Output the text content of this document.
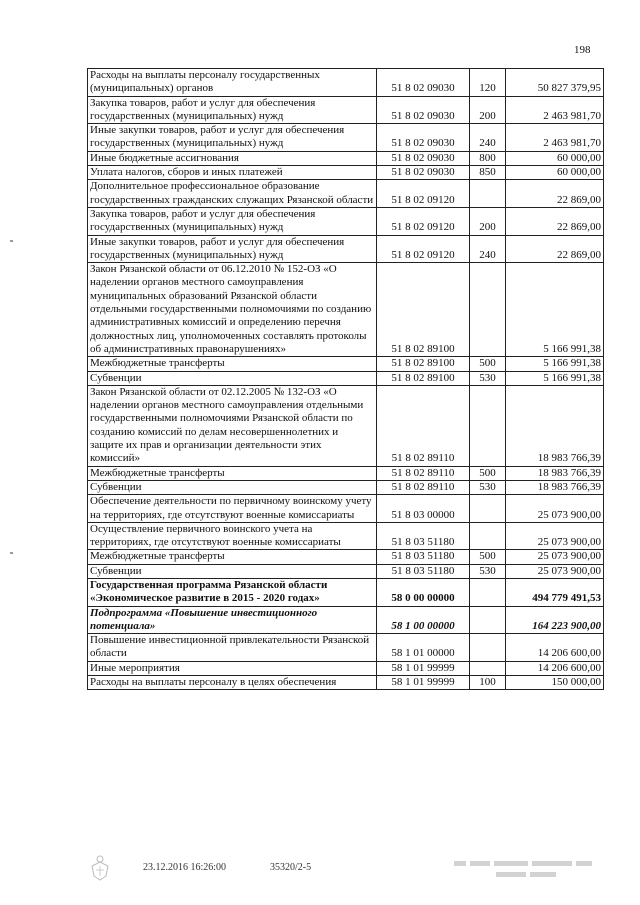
198
Расходы на выплаты персоналу государственных (муниципальных) органов	51 8 02 09030	120	50 827 379,95
Закупка товаров, работ и услуг для обеспечения государственных (муниципальных) нужд	51 8 02 09030	200	2 463 981,70
Иные закупки товаров, работ и услуг для обеспечения государственных (муниципальных) нужд	51 8 02 09030	240	2 463 981,70
Иные бюджетные ассигнования	51 8 02 09030	800	60 000,00
Уплата налогов, сборов и иных платежей	51 8 02 09030	850	60 000,00
Дополнительное профессиональное образование государственных гражданских служащих Рязанской области	51 8 02 09120		22 869,00
Закупка товаров, работ и услуг для обеспечения государственных (муниципальных) нужд	51 8 02 09120	200	22 869,00
Иные закупки товаров, работ и услуг для обеспечения государственных (муниципальных) нужд	51 8 02 09120	240	22 869,00
Закон Рязанской области от 06.12.2010 № 152-ОЗ «О наделении органов местного самоуправления муниципальных образований Рязанской области отдельными государственными полномочиями по созданию административных комиссий и определению перечня должностных лиц, уполномоченных составлять протоколы об административных правонарушениях»	51 8 02 89100		5 166 991,38
Межбюджетные трансферты	51 8 02 89100	500	5 166 991,38
Субвенции	51 8 02 89100	530	5 166 991,38
Закон Рязанской области от 02.12.2005 № 132-ОЗ «О наделении органов местного самоуправления отдельными государственными полномочиями Рязанской области по созданию комиссий по делам несовершеннолетних и защите их прав и организации деятельности этих комиссий»	51 8 02 89110		18 983 766,39
Межбюджетные трансферты	51 8 02 89110	500	18 983 766,39
Субвенции	51 8 02 89110	530	18 983 766,39
Обеспечение деятельности по первичному воинскому учету на территориях, где отсутствуют военные комиссариаты	51 8 03 00000		25 073 900,00
Осуществление первичного воинского учета на территориях, где отсутствуют военные комиссариаты	51 8 03 51180		25 073 900,00
Межбюджетные трансферты	51 8 03 51180	500	25 073 900,00
Субвенции	51 8 03 51180	530	25 073 900,00
Государственная программа Рязанской области «Экономическое развитие в 2015 - 2020 годах»	58 0 00 00000		494 779 491,53
Подпрограмма «Повышение инвестиционного потенциала»	58 1 00 00000		164 223 900,00
Повышение инвестиционной привлекательности Рязанской области	58 1 01 00000		14 206 600,00
Иные мероприятия	58 1 01 99999		14 206 600,00
Расходы на выплаты персоналу в целях обеспечения	58 1 01 99999	100	150 000,00
23.12.2016 16:26:00	35320/2-5
